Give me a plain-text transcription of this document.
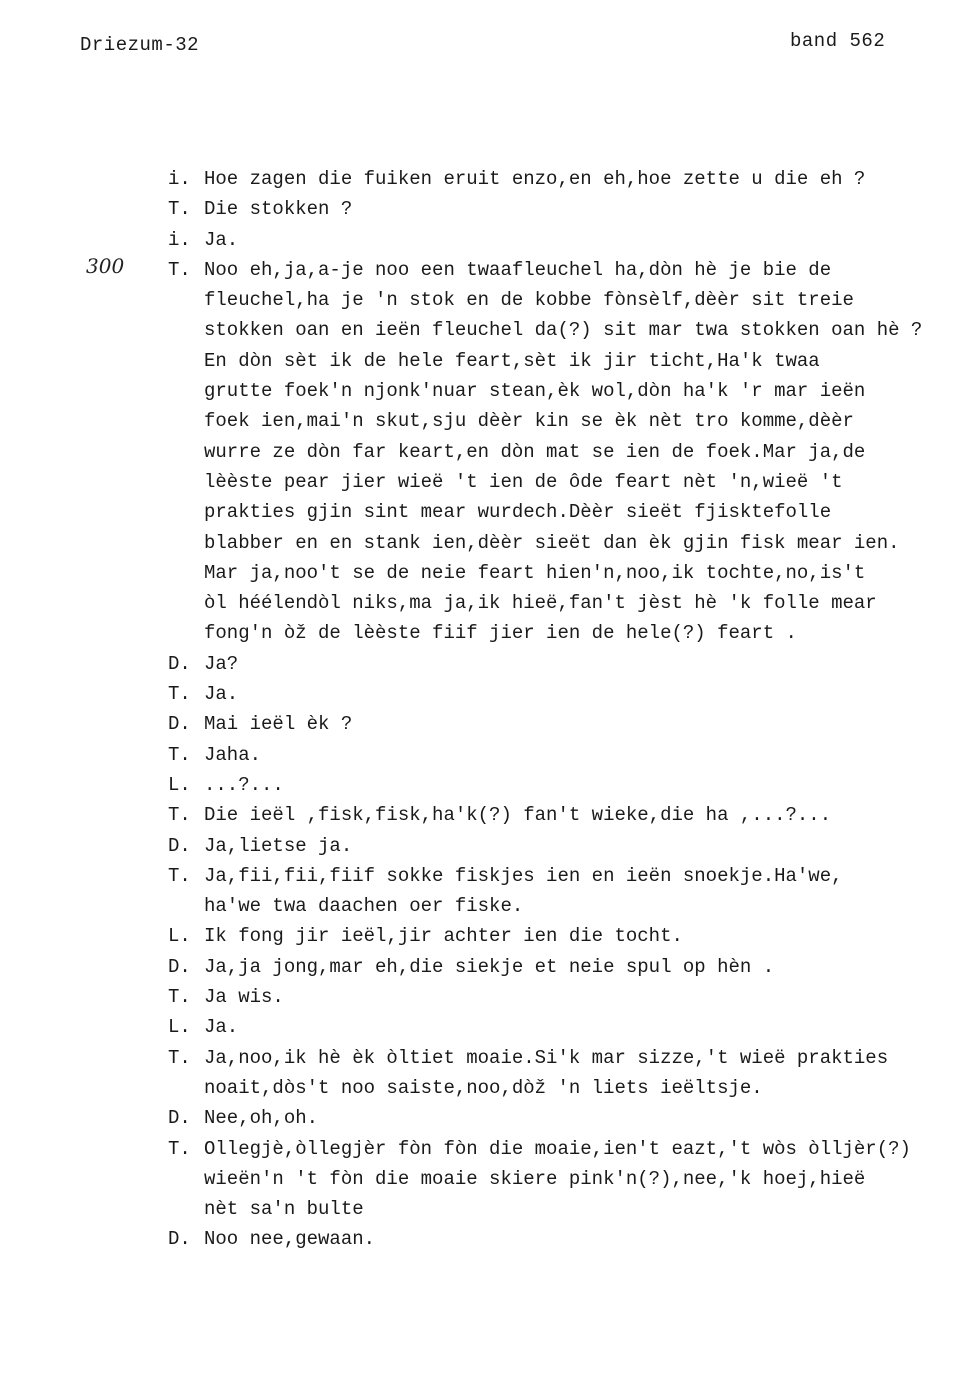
Driezum-32	band 562
300
i. Hoe zagen die fuiken eruit enzo,en eh,hoe zette u die eh ?
T. Die stokken ?
i. Ja.
T. Noo eh,ja,a-je noo een twaafleuchel ha,dòn hè je bie de
fleuchel,ha je 'n stok en de kobbe fònsèlf,dèèr sit treie
stokken oan en ieën fleuchel da(?) sit mar twa stokken oan hè ?
En dòn sèt ik de hele feart,sèt ik jir ticht,Ha'k twaa
grutte foek'n njonk'nuar stean,èk wol,dòn ha'k 'r mar ieën
foek ien,mai'n skut,sju dèèr kin se èk nèt tro komme,dèèr
wurre ze dòn far keart,en dòn mat se ien de foek.Mar ja,de
lèèste pear jier wieë 't ien de ôde feart nèt 'n,wieë 't
prakties gjin sint mear wurdech.Dèèr sieët fjisktefolle
blabber en en stank ien,dèèr sieët dan èk gjin fisk mear ien.
Mar ja,noo't se de neie feart hien'n,noo,ik tochte,no,is't
òl héélendòl niks,ma ja,ik hieë,fan't jèst hè 'k folle mear
fong'n òž de lèèste fiif jier ien de hele(?) feart .
D. Ja?
T. Ja.
D. Mai ieël èk ?
T. Jaha.
L. ...?...
T. Die ieël ,fisk,fisk,ha'k(?) fan't wieke,die ha ,...?...
D. Ja,lietse ja.
T. Ja,fii,fii,fiif sokke fiskjes ien en ieën snoekje.Ha'we,
ha'we twa daachen oer fiske.
L. Ik fong jir ieël,jir achter ien die tocht.
D. Ja,ja jong,mar eh,die siekje et neie spul op hèn .
T. Ja wis.
L. Ja.
T. Ja,noo,ik hè èk òltiet moaie.Si'k mar sizze,'t wieë prakties
noait,dòs't noo saiste,noo,dòž 'n liets ieëltsje.
D. Nee,oh,oh.
T. Ollegjè,òllegjèr fòn fòn die moaie,ien't eazt,'t wòs òlljèr(?)
wieën'n 't fòn die moaie skiere pink'n(?),nee,'k hoej,hieë
nèt sa'n bulte
D. Noo nee,gewaan.
